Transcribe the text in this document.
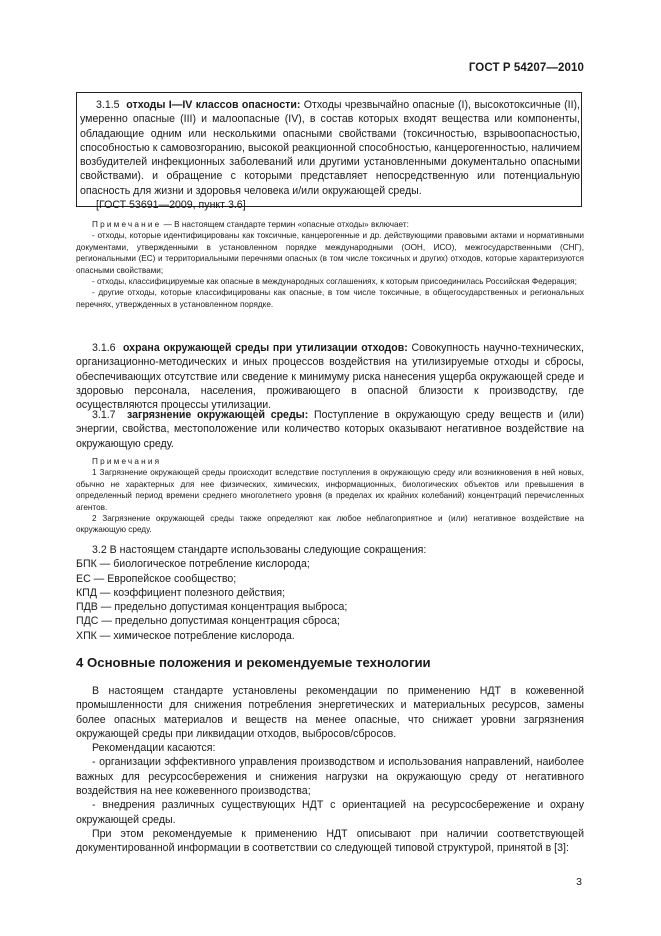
ГОСТ Р 54207—2010

3.1.5 отходы I—IV классов опасности: Отходы чрезвычайно опасные (I), высокотоксичные (II), умеренно опасные (III) и малоопасные (IV), в состав которых входят вещества или компоненты, обладающие одним или несколькими опасными свойствами (токсичностью, взрывоопасностью, способностью к самовозгоранию, высокой реакционной способностью, канцерогенностью, наличием возбудителей инфекционных заболеваний или другими установленными документально опасными свойствами). и обращение с которыми представляет непосредственную или потенциальную опасность для жизни и здоровья человека и/или окружающей среды.

[ГОСТ 53691—2009, пункт 3.6]

Примечание — В настоящем стандарте термин «опасные отходы» включает:

- отходы, которые идентифицированы как токсичные, канцерогенные и др. действующими правовыми актами и нормативными документами, утвержденными в установленном порядке международными (ООН, ИСО), межгосударственными (СНГ), региональными (ЕС) и территориальными перечнями опасных (в том числе токсичных и других) отходов, которые характеризуются опасными свойствами;

- отходы, классифицируемые как опасные в международных соглашениях, к которым присоединилась Российская Федерация;

- другие отходы, которые классифицированы как опасные, в том числе токсичные, в общегосударственных и региональных перечнях, утвержденных в установленном порядке.

3.1.6 охрана окружающей среды при утилизации отходов: Совокупность научно-технических, организационно-методических и иных процессов воздействия на утилизируемые отходы и сбросы, обеспечивающих отсутствие или сведение к минимуму риска нанесения ущерба окружающей среде и здоровью персонала, населения, проживающего в опасной близости к производству, где осуществляются процессы утилизации.

3.1.7 загрязнение окружающей среды: Поступление в окружающую среду веществ и (или) энергии, свойства, местоположение или количество которых оказывают негативное воздействие на окружающую среду.

Примечания

1 Загрязнение окружающей среды происходит вследствие поступления в окружающую среду или возникновения в ней новых, обычно не характерных для нее физических, химических, информационных, биологических объектов или превышения в определенный период времени среднего многолетнего уровня (в пределах их крайних колебаний) концентраций перечисленных агентов.

2 Загрязнение окружающей среды также определяют как любое неблагоприятное и (или) негативное воздействие на окружающую среду.

3.2 В настоящем стандарте использованы следующие сокращения:

БПК — биологическое потребление кислорода;

ЕС — Европейское сообщество;

КПД — коэффициент полезного действия;

ПДВ — предельно допустимая концентрация выброса;

ПДС — предельно допустимая концентрация сброса;

ХПК — химическое потребление кислорода.

4 Основные положения и рекомендуемые технологии

В настоящем стандарте установлены рекомендации по применению НДТ в кожевенной промышленности для снижения потребления энергетических и материальных ресурсов, замены более опасных материалов и веществ на менее опасные, что снижает уровни загрязнения окружающей среды при ликвидации отходов, выбросов/сбросов.

Рекомендации касаются:

- организации эффективного управления производством и использования направлений, наиболее важных для ресурсосбережения и снижения нагрузки на окружающую среду от негативного воздействия на нее кожевенного производства;

- внедрения различных существующих НДТ с ориентацией на ресурсосбережение и охрану окружающей среды.

При этом рекомендуемые к применению НДТ описывают при наличии соответствующей документированной информации в соответствии со следующей типовой структурой, принятой в [3]:

3
